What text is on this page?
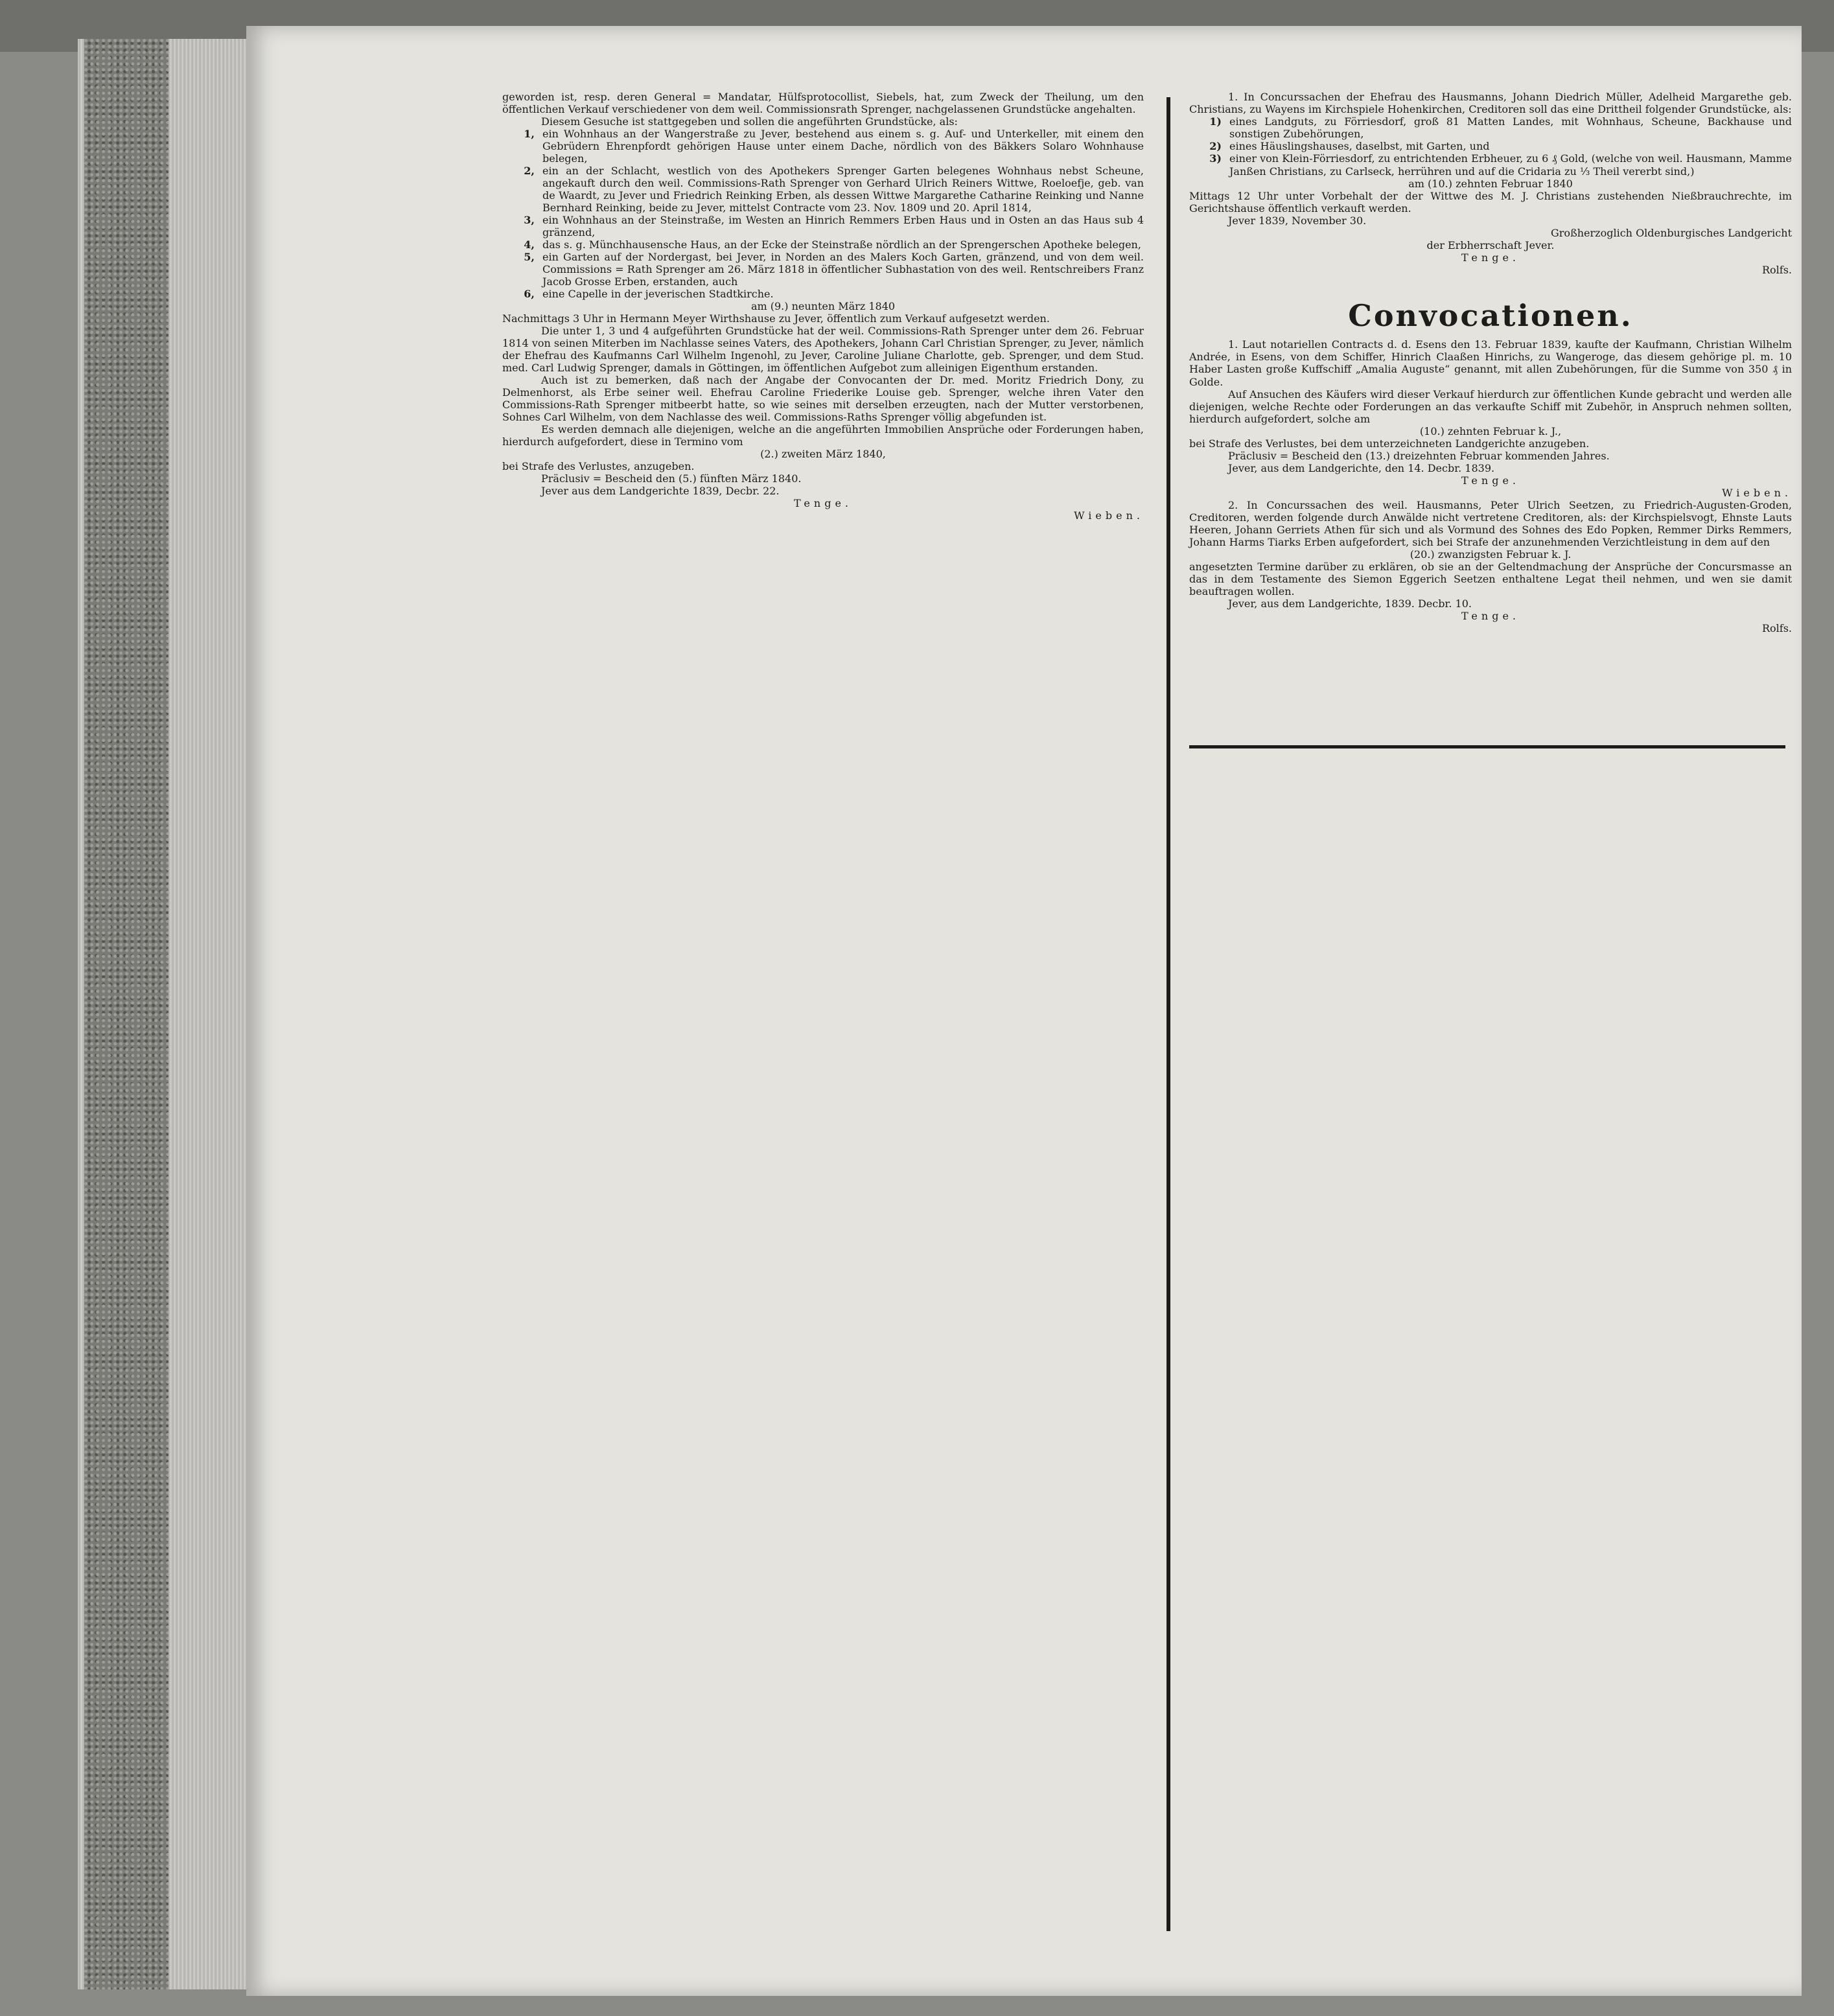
geworden ist, resp. deren General = Mandatar, Hülfsprotocollist, Siebels, hat, zum Zweck der Theilung, um den öffentlichen Verkauf verschiedener von dem weil. Commissionsrath Sprenger, nachgelassenen Grundstücke angehalten.

Diesem Gesuche ist stattgegeben und sollen die angeführten Grundstücke, als:

1, ein Wohnhaus an der Wangerstraße zu Jever, bestehend aus einem s. g. Auf- und Unterkeller, mit einem den Gebrüdern Ehrenpfordt gehörigen Hause unter einem Dache, nördlich von des Bäkkers Solaro Wohnhause belegen,
2, ein an der Schlacht, westlich von des Apothekers Sprenger Garten belegenes Wohnhaus nebst Scheune, angekauft durch den weil. Commissions-Rath Sprenger von Gerhard Ulrich Reiners Wittwe, Roeloefje, geb. van de Waardt, zu Jever und Friedrich Reinking Erben, als dessen Wittwe Margarethe Catharine Reinking und Nanne Bernhard Reinking, beide zu Jever, mittelst Contracte vom 23. Nov. 1809 und 20. April 1814,
3, ein Wohnhaus an der Steinstraße, im Westen an Hinrich Remmers Erben Haus und in Osten an das Haus sub 4 gränzend,
4, das s. g. Münchhausensche Haus, an der Ecke der Steinstraße nördlich an der Sprengerschen Apotheke belegen,
5, ein Garten auf der Nordergast, bei Jever, in Norden an des Malers Koch Garten, gränzend, und von dem weil. Commissions = Rath Sprenger am 26. März 1818 in öffentlicher Subhastation von des weil. Rentschreibers Franz Jacob Grosse Erben, erstanden, auch
6, eine Capelle in der jeverischen Stadtkirche.

am (9.) neunten März 1840

Nachmittags 3 Uhr in Hermann Meyer Wirthshause zu Jever, öffentlich zum Verkauf aufgesetzt werden.

Die unter 1, 3 und 4 aufgeführten Grundstücke hat der weil. Commissions-Rath Sprenger unter dem 26. Februar 1814 von seinen Miterben im Nachlasse seines Vaters, des Apothekers, Johann Carl Christian Sprenger, zu Jever, nämlich der Ehefrau des Kaufmanns Carl Wilhelm Ingenohl, zu Jever, Caroline Juliane Charlotte, geb. Sprenger, und dem Stud. med. Carl Ludwig Sprenger, damals in Göttingen, im öffentlichen Aufgebot zum alleinigen Eigenthum erstanden.

Auch ist zu bemerken, daß nach der Angabe der Convocanten der Dr. med. Moritz Friedrich Dony, zu Delmenhorst, als Erbe seiner weil. Ehefrau Caroline Friederike Louise geb. Sprenger, welche ihren Vater den Commissions-Rath Sprenger mitbeerbt hatte, so wie seines mit derselben erzeugten, nach der Mutter verstorbenen, Sohnes Carl Wilhelm, von dem Nachlasse des weil. Commissions-Raths Sprenger völlig abgefunden ist.

Es werden demnach alle diejenigen, welche an die angeführten Immobilien Ansprüche oder Forderungen haben, hierdurch aufgefordert, diese in Termino vom

(2.) zweiten März 1840,

bei Strafe des Verlustes, anzugeben.

Präclusiv = Bescheid den (5.) fünften März 1840.

Jever aus dem Landgerichte 1839, Decbr. 22.

Tenge.

Wieben.

1. In Concurssachen der Ehefrau des Hausmanns, Johann Diedrich Müller, Adelheid Margarethe geb. Christians, zu Wayens im Kirchspiele Hohenkirchen, Creditoren soll das eine Drittheil folgender Grundstücke, als:

1) eines Landguts, zu Förriesdorf, groß 81 Matten Landes, mit Wohnhaus, Scheune, Backhause und sonstigen Zubehörungen,
2) eines Häuslingshauses, daselbst, mit Garten, und
3) einer von Klein-Förriesdorf, zu entrichtenden Erbheuer, zu 6 ₰ Gold, (welche von weil. Hausmann, Mamme Janßen Christians, zu Carlseck, herrühren und auf die Cridaria zu ⅓ Theil vererbt sind,)

am (10.) zehnten Februar 1840

Mittags 12 Uhr unter Vorbehalt der der Wittwe des M. J. Christians zustehenden Nießbrauchrechte, im Gerichtshause öffentlich verkauft werden.

Jever 1839, November 30.

Großherzoglich Oldenburgisches Landgericht

der Erbherrschaft Jever.

Tenge.

Rolfs.

Convocationen.

1. Laut notariellen Contracts d. d. Esens den 13. Februar 1839, kaufte der Kaufmann, Christian Wilhelm Andrée, in Esens, von dem Schiffer, Hinrich Claaßen Hinrichs, zu Wangeroge, das diesem gehörige pl. m. 10 Haber Lasten große Kuffschiff „Amalia Auguste“ genannt, mit allen Zubehörungen, für die Summe von 350 ₰ in Golde.

Auf Ansuchen des Käufers wird dieser Verkauf hierdurch zur öffentlichen Kunde gebracht und werden alle diejenigen, welche Rechte oder Forderungen an das verkaufte Schiff mit Zubehör, in Anspruch nehmen sollten, hierdurch aufgefordert, solche am

(10.) zehnten Februar k. J.,

bei Strafe des Verlustes, bei dem unterzeichneten Landgerichte anzugeben.

Präclusiv = Bescheid den (13.) dreizehnten Februar kommenden Jahres.

Jever, aus dem Landgerichte, den 14. Decbr. 1839.

Tenge.

Wieben.

2. In Concurssachen des weil. Hausmanns, Peter Ulrich Seetzen, zu Friedrich-Augusten-Groden, Creditoren, werden folgende durch Anwälde nicht vertretene Creditoren, als: der Kirchspielsvogt, Ehnste Lauts Heeren, Johann Gerriets Athen für sich und als Vormund des Sohnes des Edo Popken, Remmer Dirks Remmers, Johann Harms Tiarks Erben aufgefordert, sich bei Strafe der anzunehmenden Verzichtleistung in dem auf den

(20.) zwanzigsten Februar k. J.

angesetzten Termine darüber zu erklären, ob sie an der Geltendmachung der Ansprüche der Concursmasse an das in dem Testamente des Siemon Eggerich Seetzen enthaltene Legat theil nehmen, und wen sie damit beauftragen wollen.

Jever, aus dem Landgerichte, 1839. Decbr. 10.

Tenge.

Rolfs.
